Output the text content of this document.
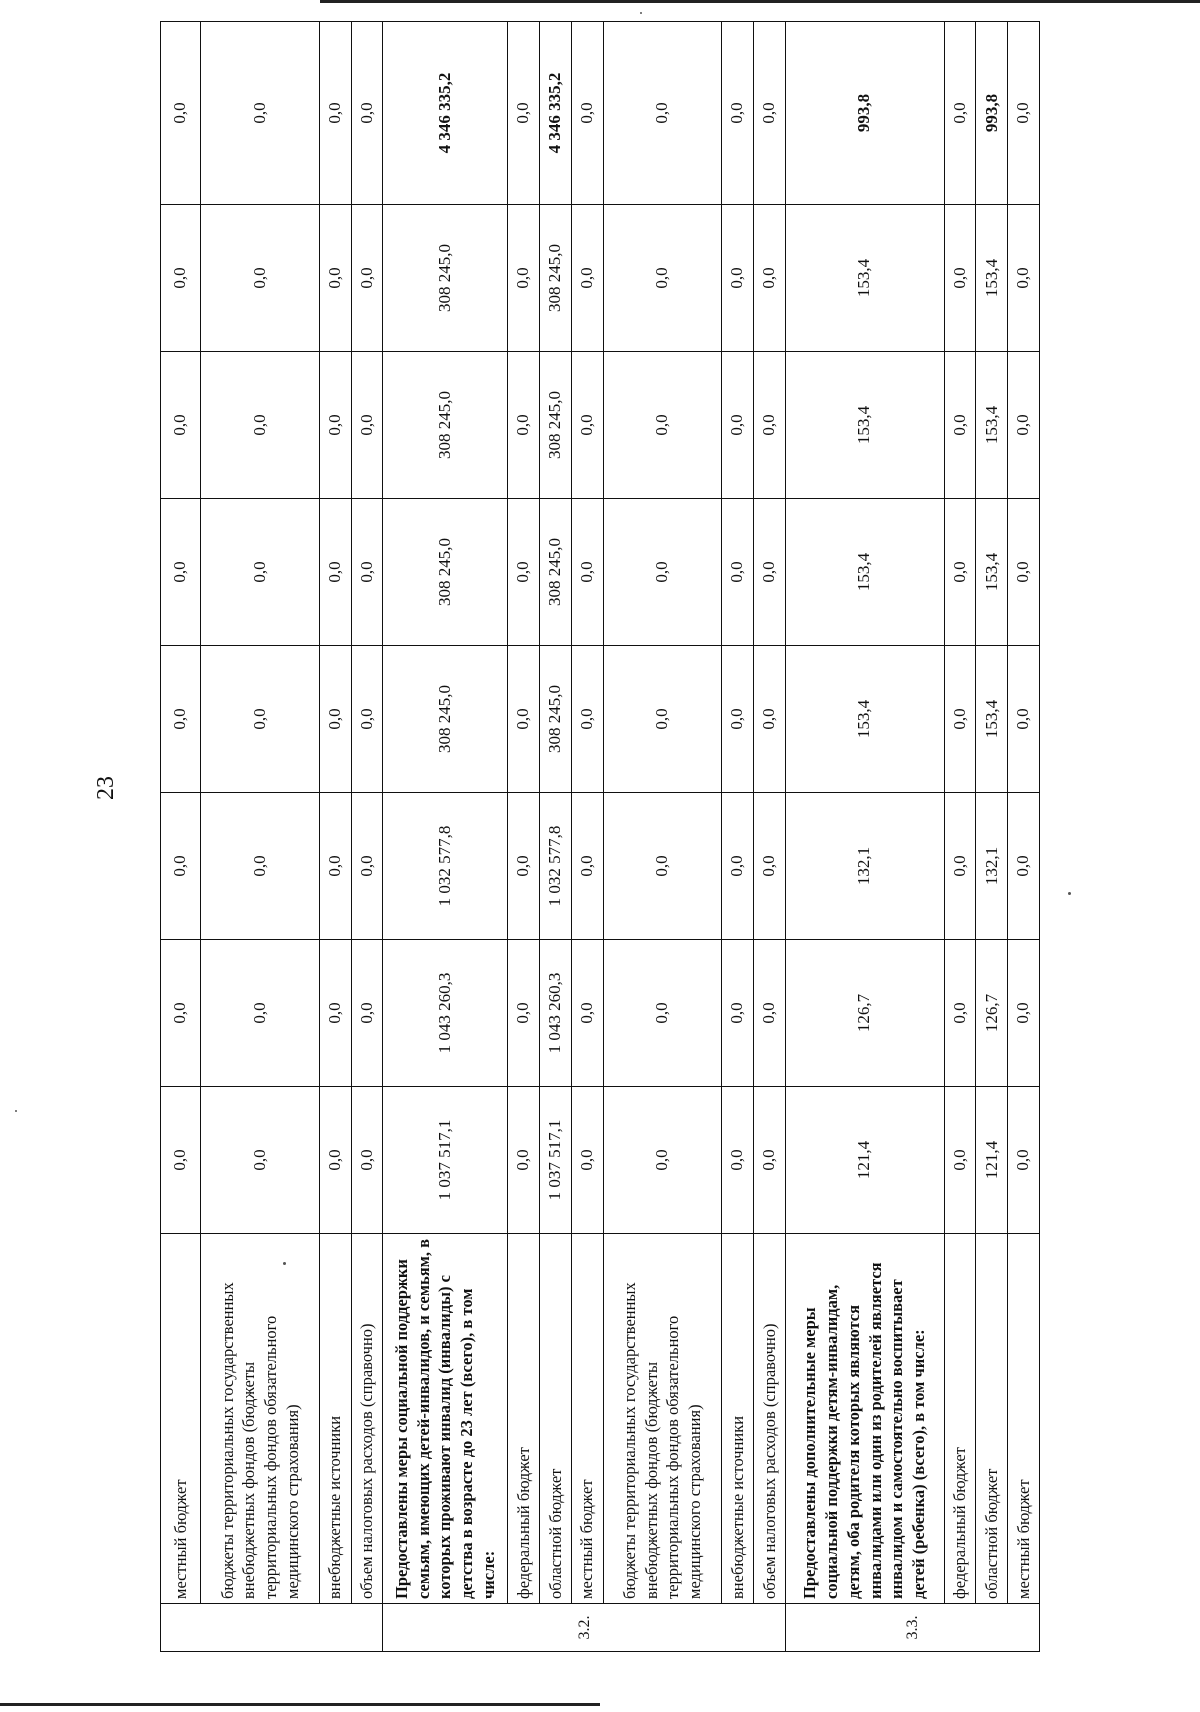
23
	местный бюджет	0,0	0,0	0,0	0,0	0,0	0,0	0,0	0,0
	бюджеты территориальных государственных внебюджетных фондов (бюджеты территориальных фондов обязательного медицинского страхования)	0,0	0,0	0,0	0,0	0,0	0,0	0,0	0,0
	внебюджетные источники	0,0	0,0	0,0	0,0	0,0	0,0	0,0	0,0
	объем налоговых расходов (справочно)	0,0	0,0	0,0	0,0	0,0	0,0	0,0	0,0
3.2.	Предоставлены меры социальной поддержки семьям, имеющих детей-инвалидов, и семьям, в которых проживают инвалид (инвалиды) с детства в возрасте до 23 лет (всего), в том числе:	1 037 517,1	1 043 260,3	1 032 577,8	308 245,0	308 245,0	308 245,0	308 245,0	4 346 335,2
	федеральный бюджет	0,0	0,0	0,0	0,0	0,0	0,0	0,0	0,0
	областной бюджет	1 037 517,1	1 043 260,3	1 032 577,8	308 245,0	308 245,0	308 245,0	308 245,0	4 346 335,2
	местный бюджет	0,0	0,0	0,0	0,0	0,0	0,0	0,0	0,0
	бюджеты территориальных государственных внебюджетных фондов (бюджеты территориальных фондов обязательного медицинского страхования)	0,0	0,0	0,0	0,0	0,0	0,0	0,0	0,0
	внебюджетные источники	0,0	0,0	0,0	0,0	0,0	0,0	0,0	0,0
	объем налоговых расходов (справочно)	0,0	0,0	0,0	0,0	0,0	0,0	0,0	0,0
3.3.	Предоставлены дополнительные меры социальной поддержки детям-инвалидам, детям, оба родителя которых являются инвалидами или один из родителей является инвалидом и самостоятельно воспитывает детей (ребенка) (всего), в том числе:	121,4	126,7	132,1	153,4	153,4	153,4	153,4	993,8
	федеральный бюджет	0,0	0,0	0,0	0,0	0,0	0,0	0,0	0,0
	областной бюджет	121,4	126,7	132,1	153,4	153,4	153,4	153,4	993,8
	местный бюджет	0,0	0,0	0,0	0,0	0,0	0,0	0,0	0,0
